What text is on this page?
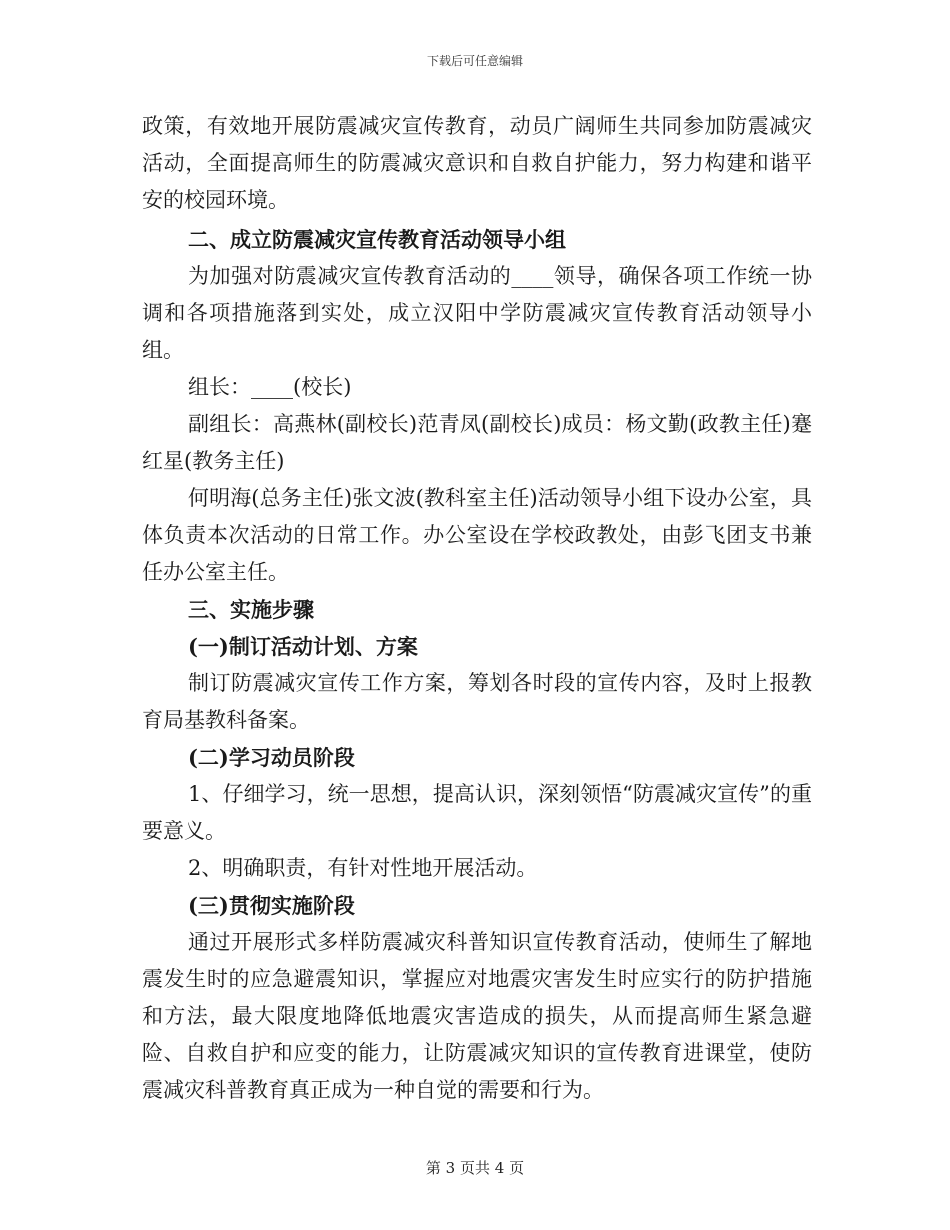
下载后可任意编辑

政策，有效地开展防震减灾宣传教育，动员广阔师生共同参加防震减灾活动，全面提高师生的防震减灾意识和自救自护能力，努力构建和谐平安的校园环境。

二、成立防震减灾宣传教育活动领导小组

为加强对防震减灾宣传教育活动的____领导，确保各项工作统一协调和各项措施落到实处，成立汉阳中学防震减灾宣传教育活动领导小组。

组长：____(校长)

副组长：高燕林(副校长)范青凤(副校长)成员：杨文勤(政教主任)蹇红星(教务主任)

何明海(总务主任)张文波(教科室主任)活动领导小组下设办公室，具体负责本次活动的日常工作。办公室设在学校政教处，由彭飞团支书兼任办公室主任。

三、实施步骤

(一)制订活动计划、方案

制订防震减灾宣传工作方案，筹划各时段的宣传内容，及时上报教育局基教科备案。

(二)学习动员阶段

1、仔细学习，统一思想，提高认识，深刻领悟“防震减灾宣传”的重要意义。

2、明确职责，有针对性地开展活动。

(三)贯彻实施阶段

通过开展形式多样防震减灾科普知识宣传教育活动，使师生了解地震发生时的应急避震知识，掌握应对地震灾害发生时应实行的防护措施和方法，最大限度地降低地震灾害造成的损失，从而提高师生紧急避险、自救自护和应变的能力，让防震减灾知识的宣传教育进课堂，使防震减灾科普教育真正成为一种自觉的需要和行为。

第 3 页共 4 页
